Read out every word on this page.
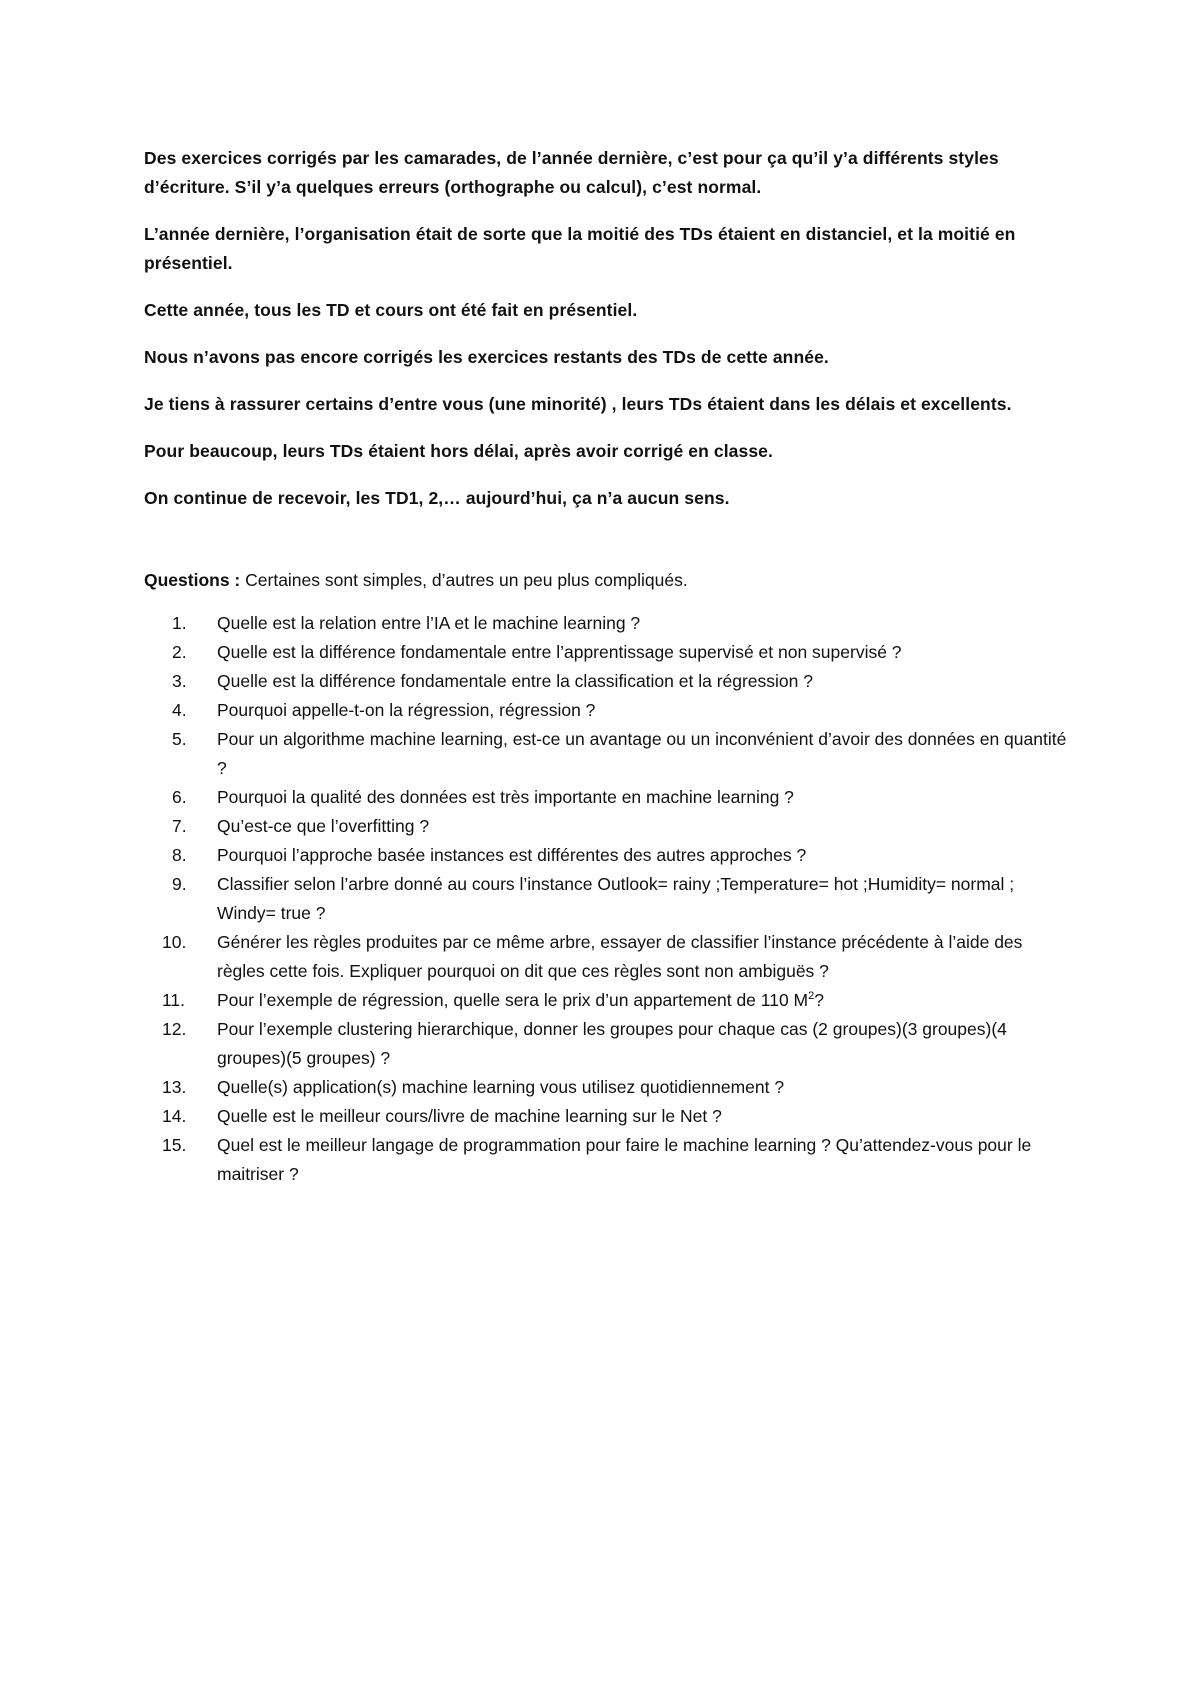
Des exercices corrigés par les camarades, de l’année dernière, c’est pour ça qu’il y’a différents styles d’écriture. S’il y’a quelques erreurs (orthographe ou calcul), c’est normal.

L’année dernière, l’organisation était de sorte que la moitié des TDs étaient en distanciel, et la moitié en présentiel.

Cette année, tous les TD et cours ont été fait en présentiel.

Nous n’avons pas encore corrigés les exercices restants des TDs de cette année.

Je tiens à rassurer certains d’entre vous (une minorité) , leurs TDs étaient dans les délais et excellents.

Pour beaucoup, leurs TDs étaient hors délai, après avoir corrigé en classe.

On continue de recevoir, les TD1, 2,… aujourd’hui, ça n’a aucun sens.

Questions : Certaines sont simples, d’autres un peu plus compliqués.
1. Quelle est la relation entre l’IA et le machine learning ?
2. Quelle est la différence fondamentale entre l’apprentissage supervisé et non supervisé ?
3. Quelle est la différence fondamentale entre la classification et la régression ?
4. Pourquoi appelle-t-on la régression, régression ?
5. Pour un algorithme machine learning, est-ce un avantage ou un inconvénient d’avoir des données en quantité ?
6. Pourquoi la qualité des données est très importante en machine learning ?
7. Qu’est-ce que l’overfitting ?
8. Pourquoi l’approche basée instances est différentes des autres approches ?
9. Classifier selon l’arbre donné au cours l’instance Outlook= rainy ;Temperature= hot ;Humidity= normal ; Windy= true ?
10. Générer les règles produites par ce même arbre, essayer de classifier l’instance précédente à l’aide des règles cette fois. Expliquer pourquoi on dit que ces règles sont non ambiguës ?
11. Pour l’exemple de régression, quelle sera le prix d’un appartement de 110 $M^2$?
12. Pour l’exemple clustering hierarchique, donner les groupes pour chaque cas (2 groupes)(3 groupes)(4 groupes)(5 groupes) ?
13. Quelle(s) application(s) machine learning vous utilisez quotidiennement ?
14. Quelle est le meilleur cours/livre de machine learning sur le Net ?
15. Quel est le meilleur langage de programmation pour faire le machine learning ? Qu’attendez-vous pour le maitriser ?
